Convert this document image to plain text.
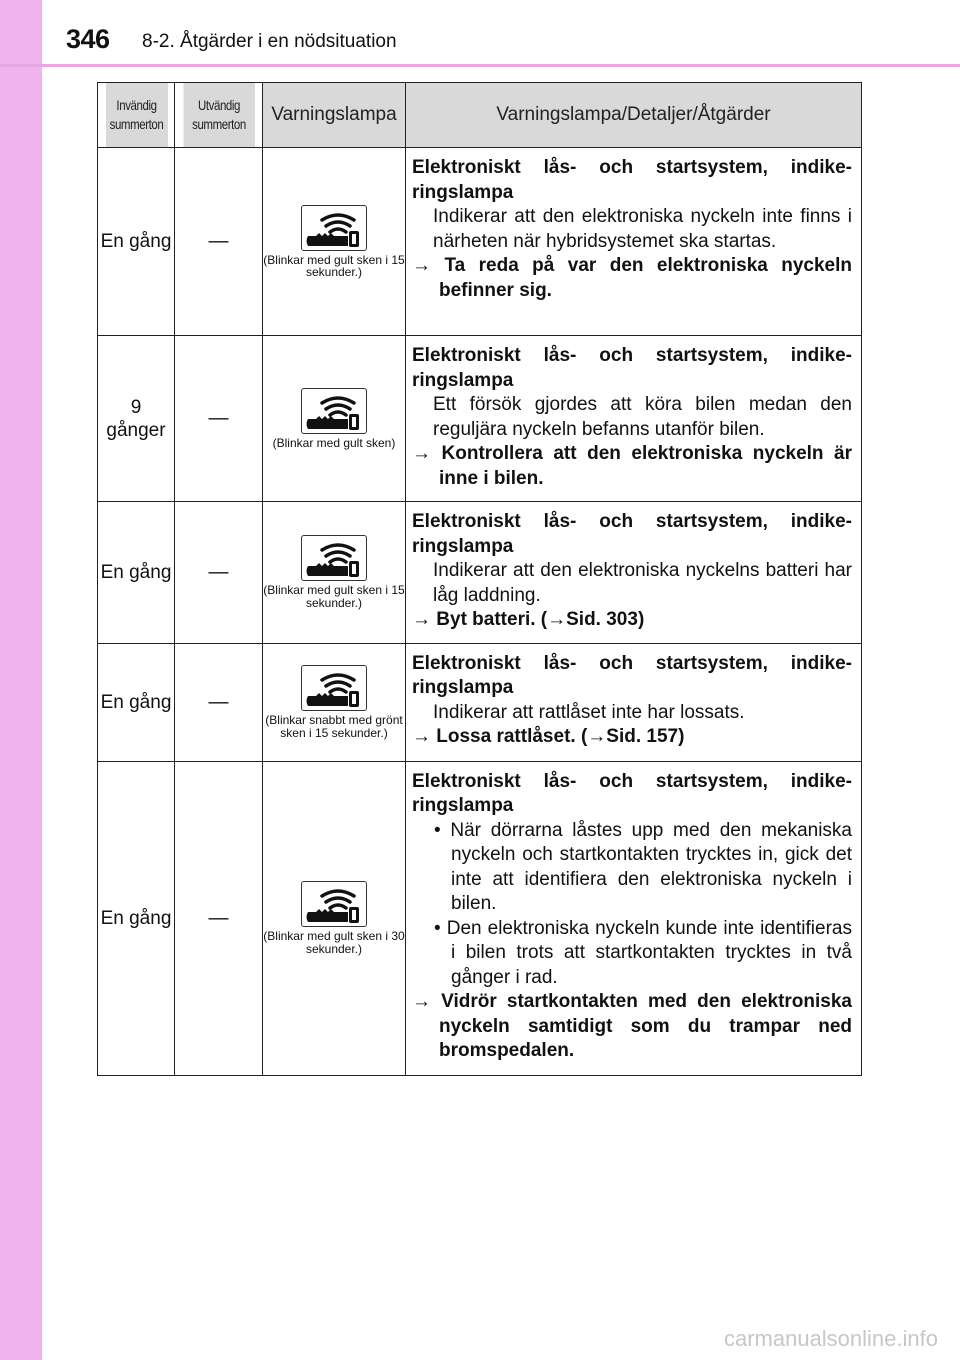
346 8-2. Åtgärder i en nödsituation
Invändig summerton	Utvändig summerton	Varningslampa	Varningslampa/Detaljer/Åtgärder
En gång	—	(Blinkar med gult sken i 15 sekunder.)	Elektroniskt lås- och startsystem, indikeringslampa
Indikerar att den elektroniska nyckeln inte finns i närheten när hybridsystemet ska startas.
→ Ta reda på var den elektroniska nyckeln befinner sig.

9 gånger	—	(Blinkar med gult sken)	Elektroniskt lås- och startsystem, indikeringslampa
Ett försök gjordes att köra bilen medan den reguljära nyckeln befanns utanför bilen.
→ Kontrollera att den elektroniska nyckeln är inne i bilen.

En gång	—	(Blinkar med gult sken i 15 sekunder.)	Elektroniskt lås- och startsystem, indikeringslampa
Indikerar att den elektroniska nyckelns batteri har låg laddning.
→ Byt batteri. (→Sid. 303)

En gång	—	(Blinkar snabbt med grönt sken i 15 sekunder.)	Elektroniskt lås- och startsystem, indikeringslampa
Indikerar att rattlåset inte har lossats.
→ Lossa rattlåset. (→Sid. 157)

En gång	—	(Blinkar med gult sken i 30 sekunder.)	Elektroniskt lås- och startsystem, indikeringslampa
• När dörrarna låstes upp med den mekaniska nyckeln och startkontakten trycktes in, gick det inte att identifiera den elektroniska nyckeln i bilen.
• Den elektroniska nyckeln kunde inte identifieras i bilen trots att startkontakten trycktes in två gånger i rad.
→ Vidrör startkontakten med den elektroniska nyckeln samtidigt som du trampar ned bromspedalen.
carmanualsonline.info
